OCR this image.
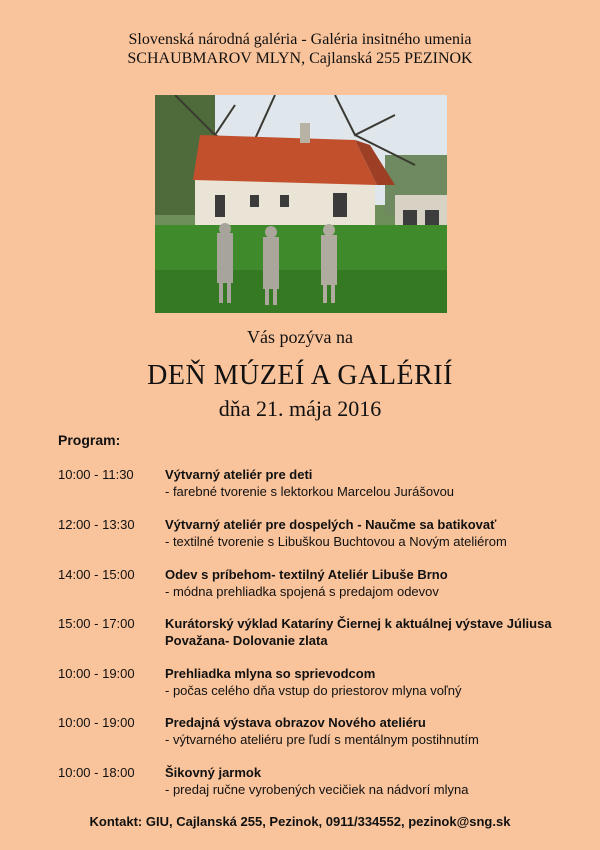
Slovenská národná galéria - Galéria insitného umenia
SCHAUBMAROV MLYN, Cajlanská 255 PEZINOK
Vás pozýva na
DEŇ MÚZEÍ A GALÉRIÍ
dňa 21. mája 2016
Program:
10:00 - 11:30	Výtvarný ateliér pre deti
- farebné tvorenie s lektorkou Marcelou Jurášovou
12:00 - 13:30	Výtvarný ateliér pre dospelých - Naučme sa batikovať
- textilné tvorenie s Libuškou Buchtovou a Novým ateliérom
14:00 - 15:00	Odev s príbehom- textilný Ateliér Libuše Brno
- módna prehliadka spojená s predajom odevov
15:00 - 17:00	Kurátorský výklad Kataríny Čiernej k aktuálnej výstave Júliusa Považana- Dolovanie zlata
10:00 - 19:00	Prehliadka mlyna so sprievodcom
- počas celého dňa vstup do priestorov mlyna voľný
10:00 - 19:00	Predajná výstava obrazov Nového ateliéru
- výtvarného ateliéru pre ľudí s mentálnym postihnutím
10:00 - 18:00	Šikovný jarmok
- predaj ručne vyrobených vecičiek na nádvorí mlyna
Kontakt: GIU, Cajlanská 255, Pezinok, 0911/334552, pezinok@sng.sk
